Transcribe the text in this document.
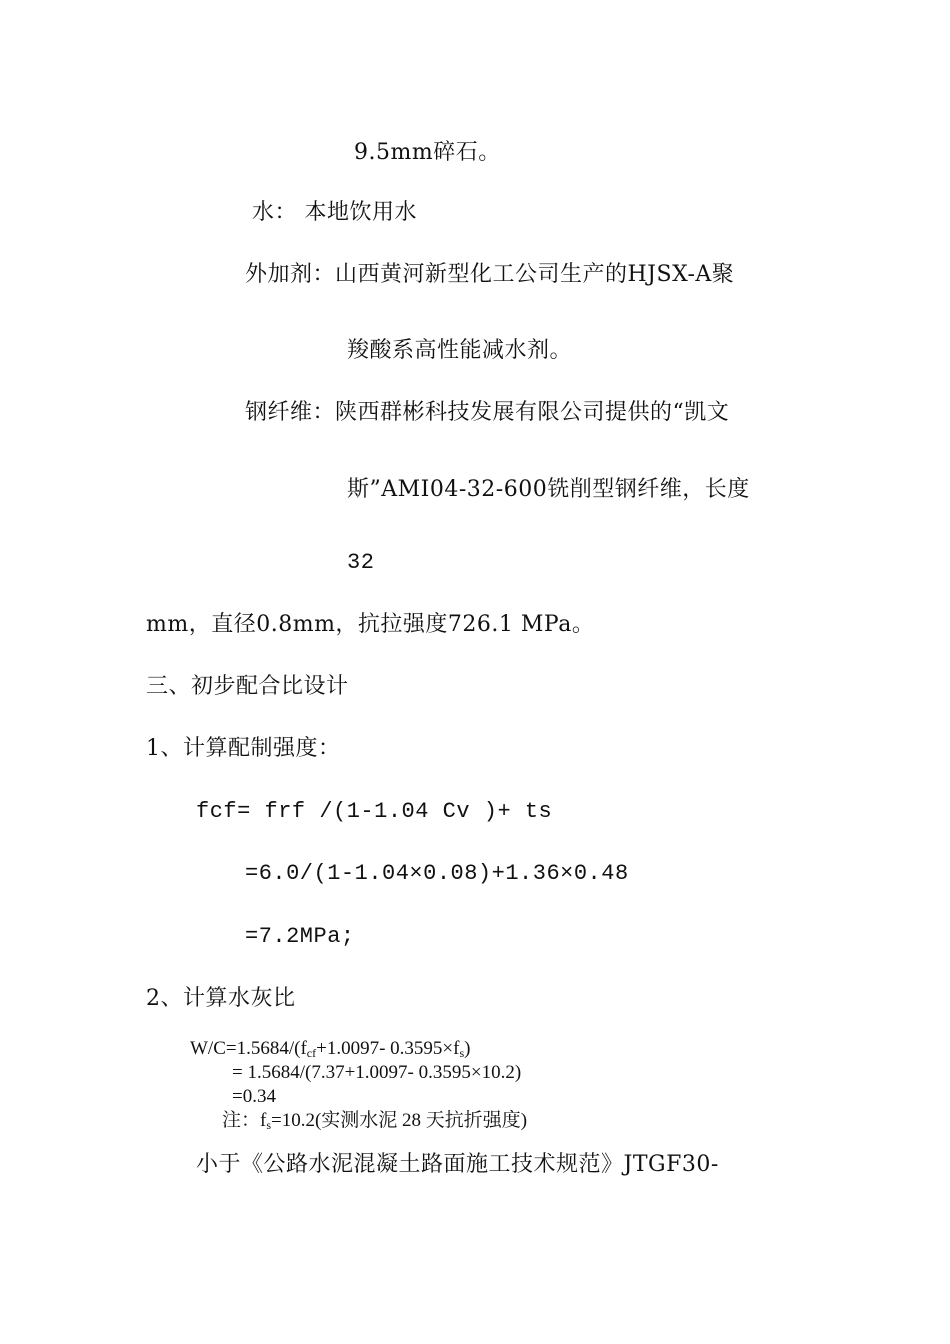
9.5mm碎石。
水： 本地饮用水
外加剂：山西黄河新型化工公司生产的HJSX-A聚
羧酸系高性能减水剂。
钢纤维：陕西群彬科技发展有限公司提供的“凯文
斯”AMI04-32-600铣削型钢纤维，长度
32
mm，直径0.8mm，抗拉强度726.1 MPa。
三、初步配合比设计
1、计算配制强度：
fcf= frf /(1-1.04 Cv )+ ts
=6.0/(1-1.04×0.08)+1.36×0.48
=7.2MPa;
2、计算水灰比
$W/C=1.5684/(f_{cf}+1.0097-$ $0.3595\times f_s$)
= 1.5684/(7.37+1.0097- 0.3595×10.2)
=0.34
注：$f_s=10.2$(实测水泥 28 天抗折强度)
小于《公路水泥混凝土路面施工技术规范》JTGF30-
